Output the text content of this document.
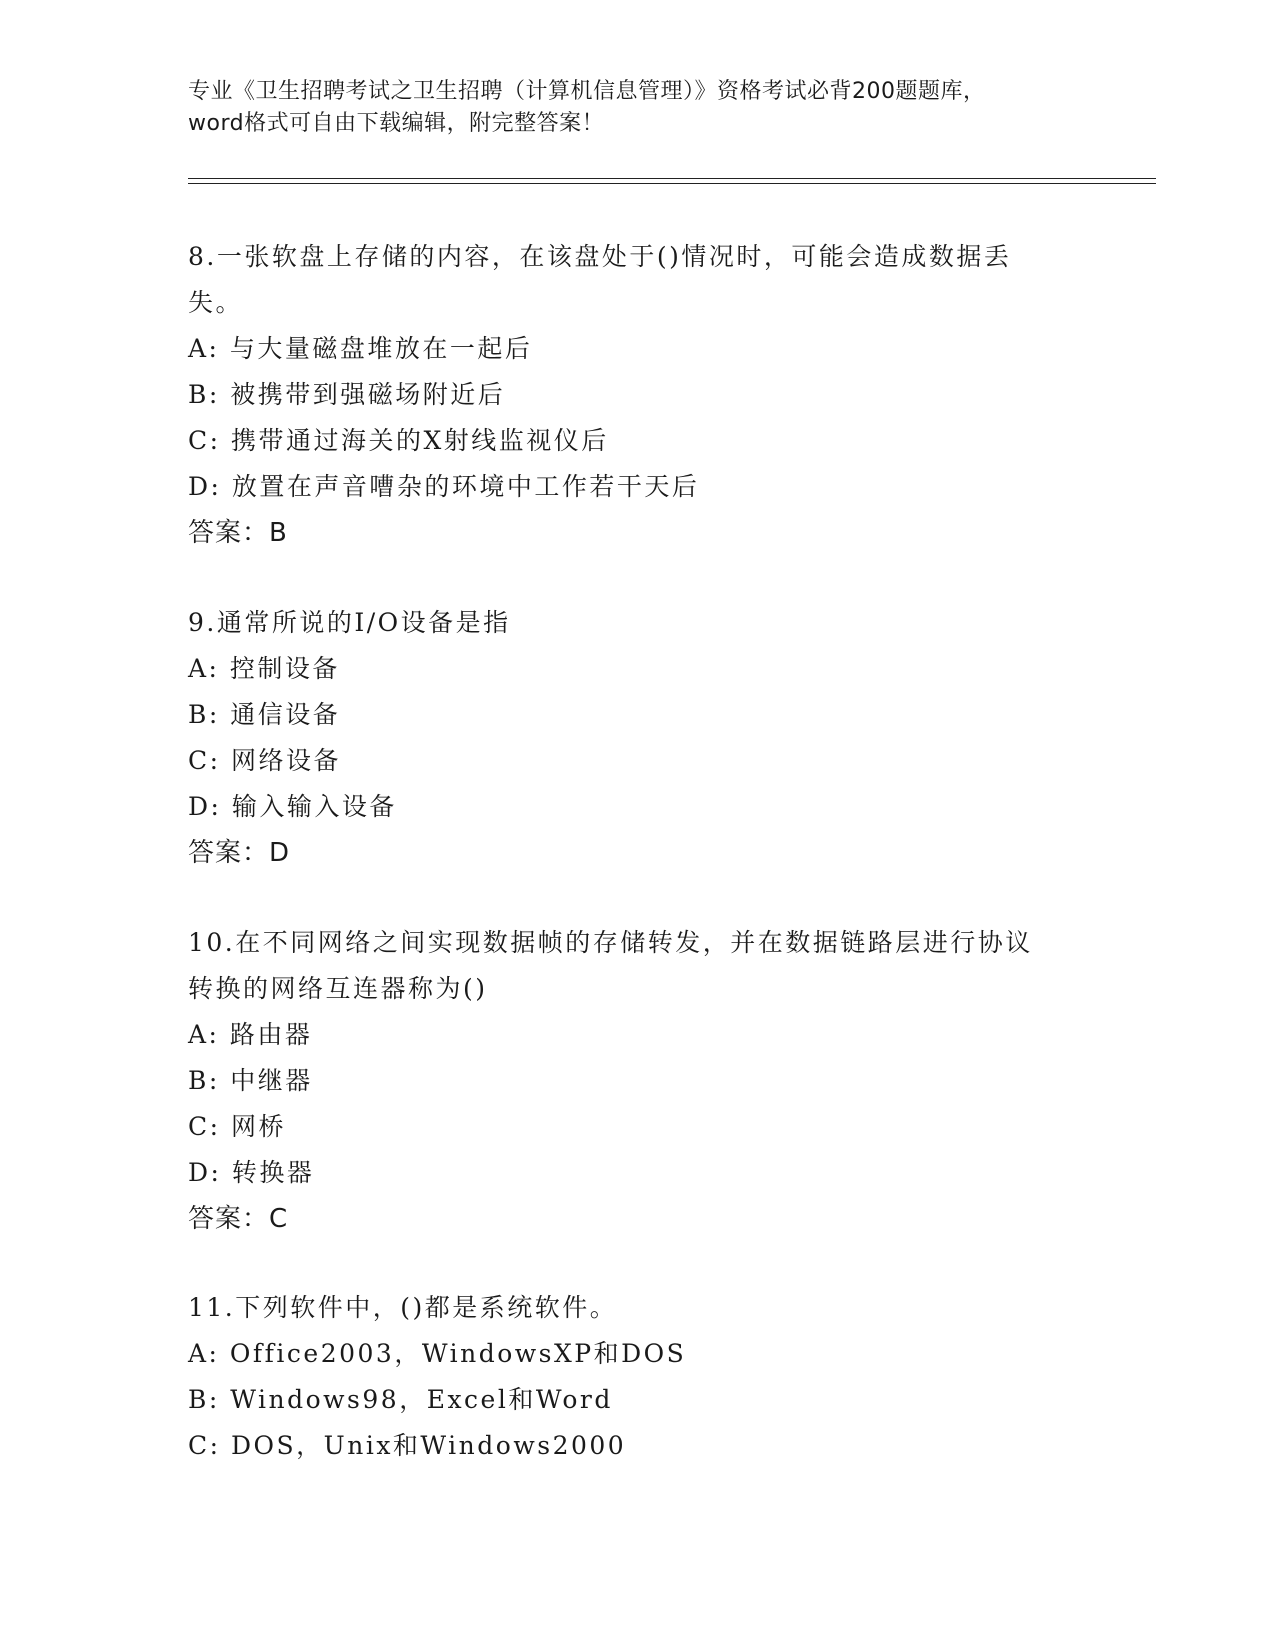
专业《卫生招聘考试之卫生招聘（计算机信息管理）》资格考试必背200题题库，
word格式可自由下载编辑，附完整答案！

8.一张软盘上存储的内容，在该盘处于()情况时，可能会造成数据丢

失。

A: 与大量磁盘堆放在一起后

B: 被携带到强磁场附近后

C: 携带通过海关的X射线监视仪后

D: 放置在声音嘈杂的环境中工作若干天后

答案：B

9.通常所说的I/O设备是指

A: 控制设备

B: 通信设备

C: 网络设备

D: 输入输入设备

答案：D

10.在不同网络之间实现数据帧的存储转发，并在数据链路层进行协议

转换的网络互连器称为()

A: 路由器

B: 中继器

C: 网桥

D: 转换器

答案：C

11.下列软件中，()都是系统软件。

A: Office2003，WindowsXP和DOS

B: Windows98，Excel和Word

C: DOS，Unix和Windows2000
